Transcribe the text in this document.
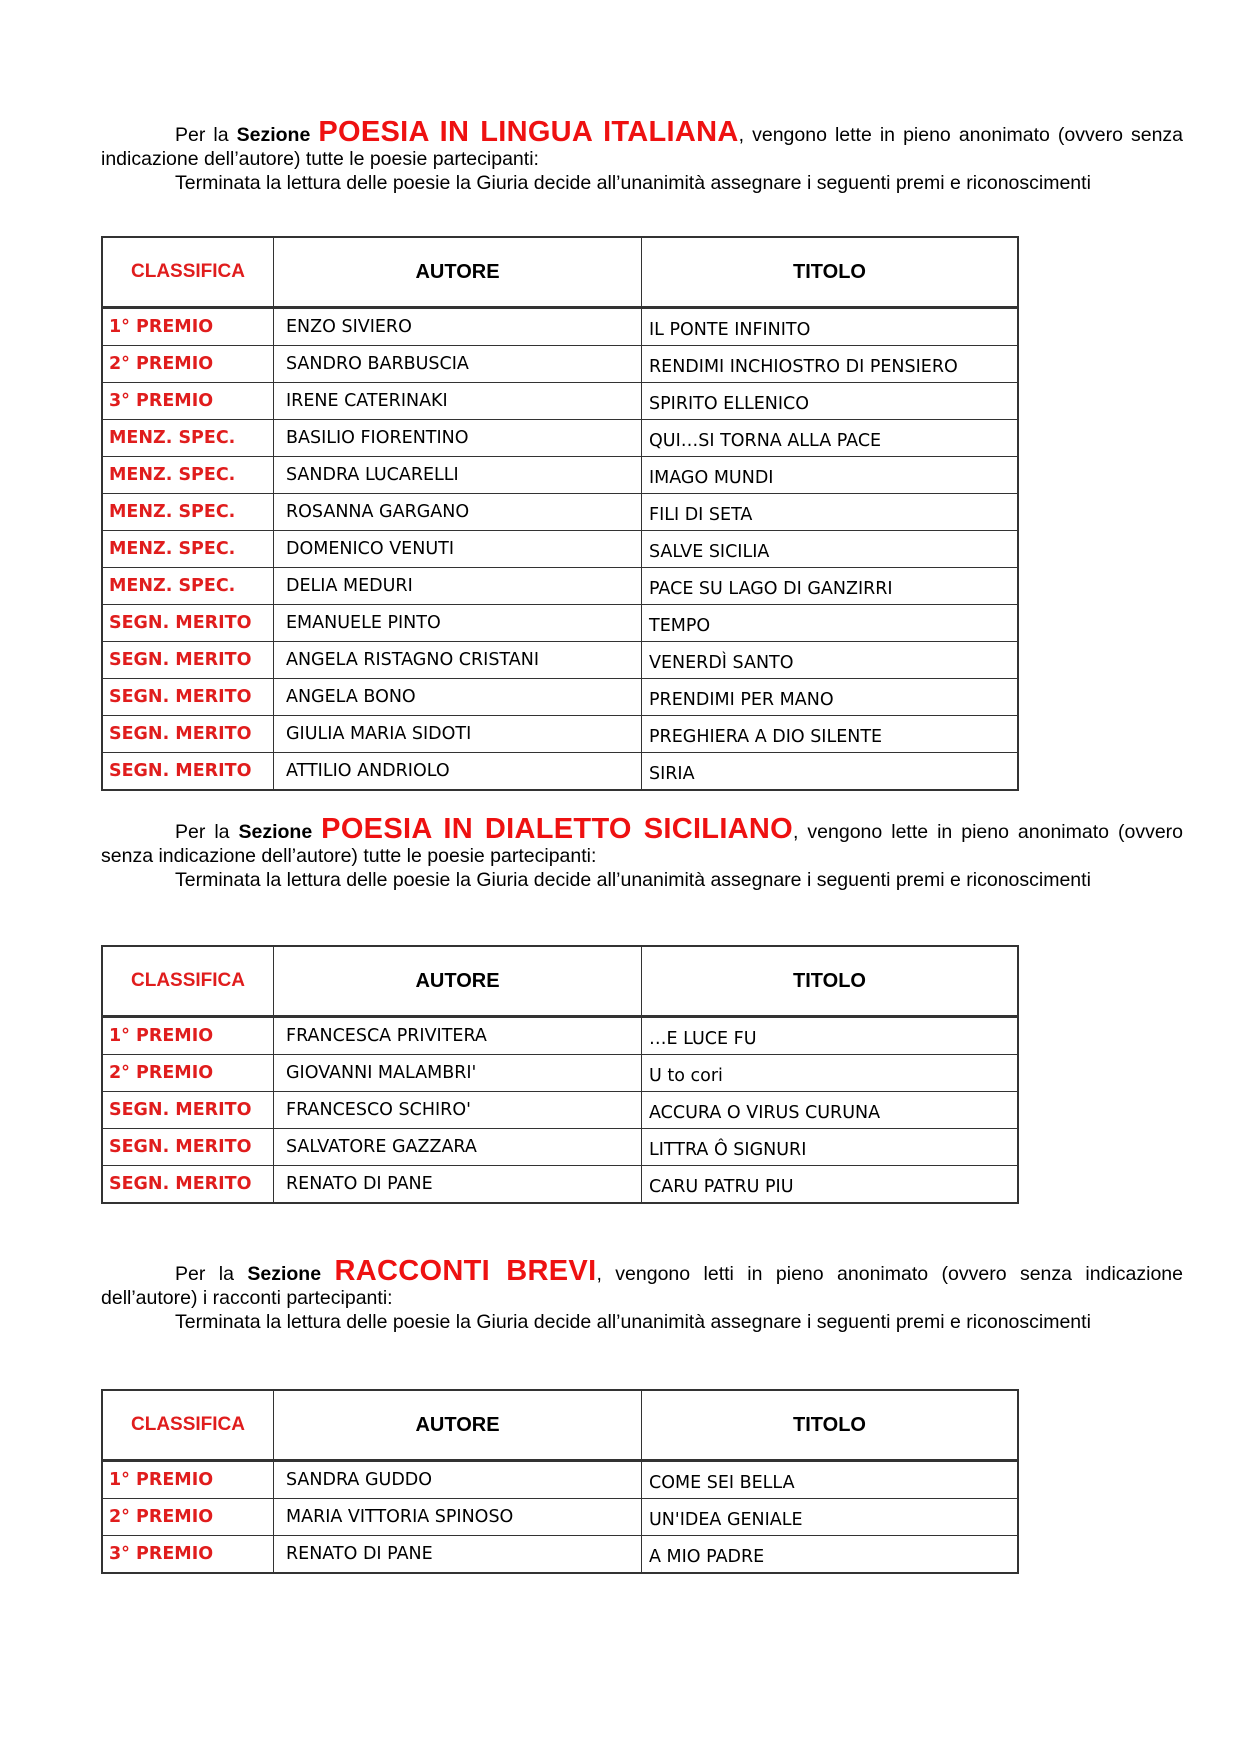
Per la Sezione POESIA IN LINGUA ITALIANA, vengono lette in pieno anonimato (ovvero senza indicazione dell’autore) tutte le poesie partecipanti:
Terminata la lettura delle poesie la Giuria decide all’unanimità assegnare i seguenti premi e riconoscimenti
CLASSIFICA	AUTORE	TITOLO
1° PREMIO	ENZO SIVIERO	IL PONTE INFINITO
2° PREMIO	SANDRO BARBUSCIA	RENDIMI INCHIOSTRO DI PENSIERO
3° PREMIO	IRENE CATERINAKI	SPIRITO ELLENICO
MENZ. SPEC.	BASILIO FIORENTINO	QUI…SI TORNA ALLA PACE
MENZ. SPEC.	SANDRA LUCARELLI	IMAGO MUNDI
MENZ. SPEC.	ROSANNA GARGANO	FILI DI SETA
MENZ. SPEC.	DOMENICO VENUTI	SALVE SICILIA
MENZ. SPEC.	DELIA MEDURI	PACE SU LAGO DI GANZIRRI
SEGN. MERITO	EMANUELE PINTO	TEMPO
SEGN. MERITO	ANGELA RISTAGNO CRISTANI	VENERDÌ SANTO
SEGN. MERITO	ANGELA BONO	PRENDIMI PER MANO
SEGN. MERITO	GIULIA MARIA SIDOTI	PREGHIERA A DIO SILENTE
SEGN. MERITO	ATTILIO ANDRIOLO	SIRIA
Per la Sezione POESIA IN DIALETTO SICILIANO, vengono lette in pieno anonimato (ovvero senza indicazione dell’autore) tutte le poesie partecipanti:
Terminata la lettura delle poesie la Giuria decide all’unanimità assegnare i seguenti premi e riconoscimenti
CLASSIFICA	AUTORE	TITOLO
1° PREMIO	FRANCESCA PRIVITERA	…E LUCE FU
2° PREMIO	GIOVANNI MALAMBRI'	U to cori
SEGN. MERITO	FRANCESCO SCHIRO'	ACCURA O VIRUS CURUNA
SEGN. MERITO	SALVATORE GAZZARA	LITTRA Ô SIGNURI
SEGN. MERITO	RENATO DI PANE	CARU PATRU PIU
Per la Sezione RACCONTI BREVI, vengono letti in pieno anonimato (ovvero senza indicazione dell’autore) i racconti partecipanti:
Terminata la lettura delle poesie la Giuria decide all’unanimità assegnare i seguenti premi e riconoscimenti
CLASSIFICA	AUTORE	TITOLO
1° PREMIO	SANDRA GUDDO	COME SEI BELLA
2° PREMIO	MARIA VITTORIA SPINOSO	UN'IDEA GENIALE
3° PREMIO	RENATO DI PANE	A MIO PADRE
